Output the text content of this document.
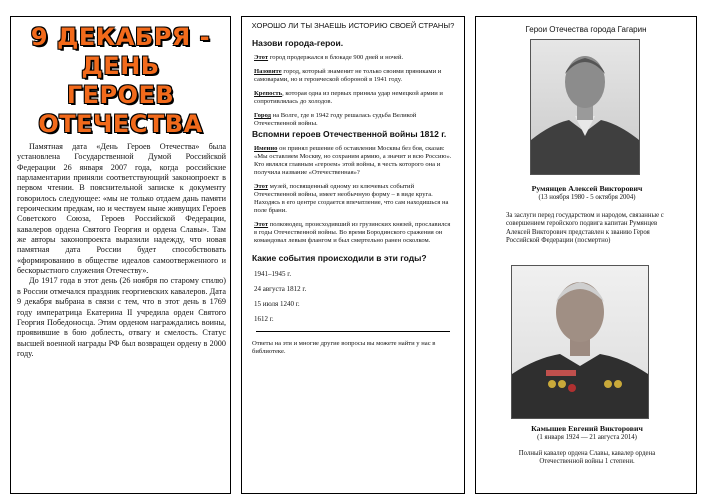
9 ДЕКАБРЯ -
ДЕНЬ
ГЕРОЕВ
ОТЕЧЕСТВА

Памятная дата «День Героев Отечества» была установлена Государственной Думой Российской Федерации 26 января 2007 года, когда российские парламентарии приняли соответствующий законопроект в первом чтении. В пояснительной записке к документу говорилось следующее: «мы не только отдаем дань памяти героическим предкам, но и чествуем ныне живущих Героев Советского Союза, Героев Российской Федерации, кавалеров ордена Святого Георгия и ордена Славы». Там же авторы законопроекта выразили надежду, что новая памятная дата России будет способствовать «формированию в обществе идеалов самоотверженного и бескорыстного служения Отечеству».

До 1917 года в этот день (26 ноября по старому стилю) в России отмечался праздник георгиевских кавалеров. Дата 9 декабря выбрана в связи с тем, что в этот день в 1769 году императрица Екатерина II учредила орден Святого Георгия Победоносца. Этим орденом награждались воины, проявившие в бою доблесть, отвагу и смелость. Статус высшей военной награды РФ был возвращен ордену в 2000 году.

ХОРОШО ЛИ ТЫ ЗНАЕШЬ ИСТОРИЮ СВОЕЙ СТРАНЫ?
Назови города-герои.
Этот город продержался в блокаде 900 дней и ночей.
Назовите город, который знаменит не только своими пряниками и самоварами, но и героической обороной в 1941 году.
Крепость, которая одна из первых приняла удар немецкой армии и сопротивлялась до холодов.
Город на Волге, где в 1942 году решалась судьба Великой Отечественной войны.
Вспомни героев Отечественной войны 1812 г.
Именно он принял решение об оставлении Москвы без боя, сказав: «Мы оставляем Москву, но сохраним армию, а значит и всю Россию». Кто являлся главным «героем» этой войны, в честь которого она и получила название «Отечественная»?
Этот музей, посвященный одному из ключевых событий Отечественной войны, имеет необычную форму – в виде круга. Находясь в его центре создается впечатление, что сам находишься на поле брани.
Этот полководец, происходивший из грузинских князей, прославился в годы Отечественной войны. Во время Бородинского сражения он командовал левым флангом и был смертельно ранен осколком.
Какие события происходили в эти годы?
1941–1945 г.
24 августа 1812 г.
15 июля 1240 г.
1612 г.
Ответы на эти и многие другие вопросы вы можете найти у нас в библиотеке.
Герои Отечества города Гагарин
Румянцев Алексей Викторович
(13 ноября 1980 - 5 октября 2004)
За заслуги перед государством и народом, связанные с совершением геройского подвига капитан Румянцев Алексей Викторович представлен к званию Героя Российской Федерации (посмертно)
Камышев Евгений Викторович
(1 января 1924 — 21 августа 2014)
Полный кавалер ордена Славы, кавалер ордена Отечественной войны 1 степени.
